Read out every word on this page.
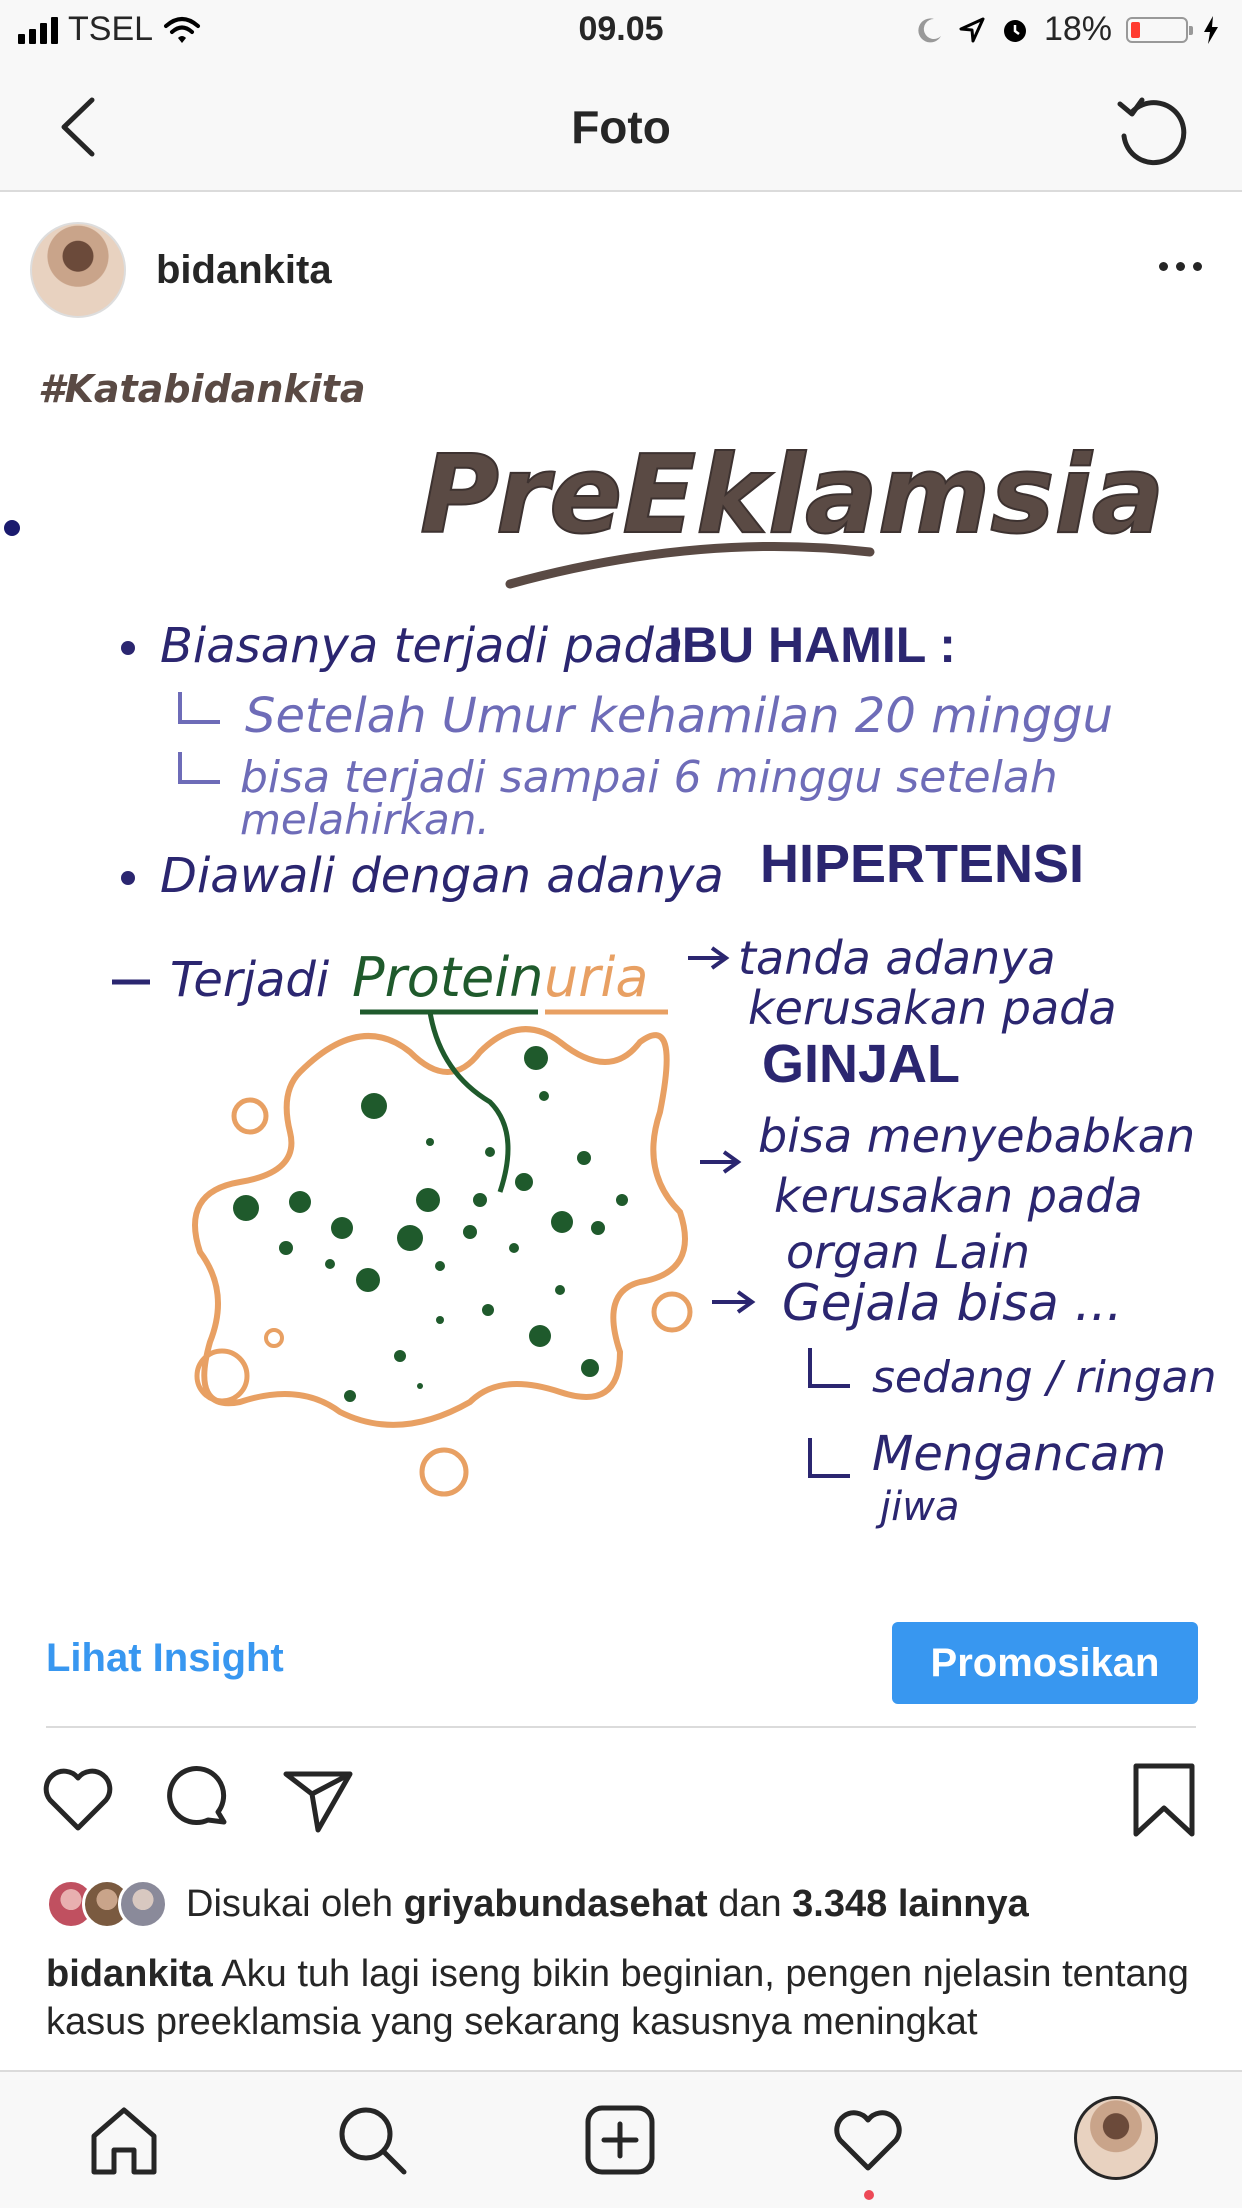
TSEL	09.05	18%
Foto
bidankita
#Katabidankita
PreEklamsia
Biasanya terjadi pada
IBU HAMIL :
Setelah Umur kehamilan 20 minggu
bisa terjadi sampai 6 minggu setelah
melahirkan.
Diawali dengan adanya HIPERTENSI
Terjadi Protein uria tanda adanya
kerusakan pada
GINJAL
bisa menyebabkan
kerusakan pada
organ Lain
Gejala bisa ...
sedang / ringan
Mengancam
jiwa
Lihat Insight	Promosikan
Disukai oleh
griyabundasehat
dan
3.348 lainnya
bidankita Aku tuh lagi iseng bikin beginian, pengen njelasin tentang kasus preeklamsia yang sekarang kasusnya meningkat
